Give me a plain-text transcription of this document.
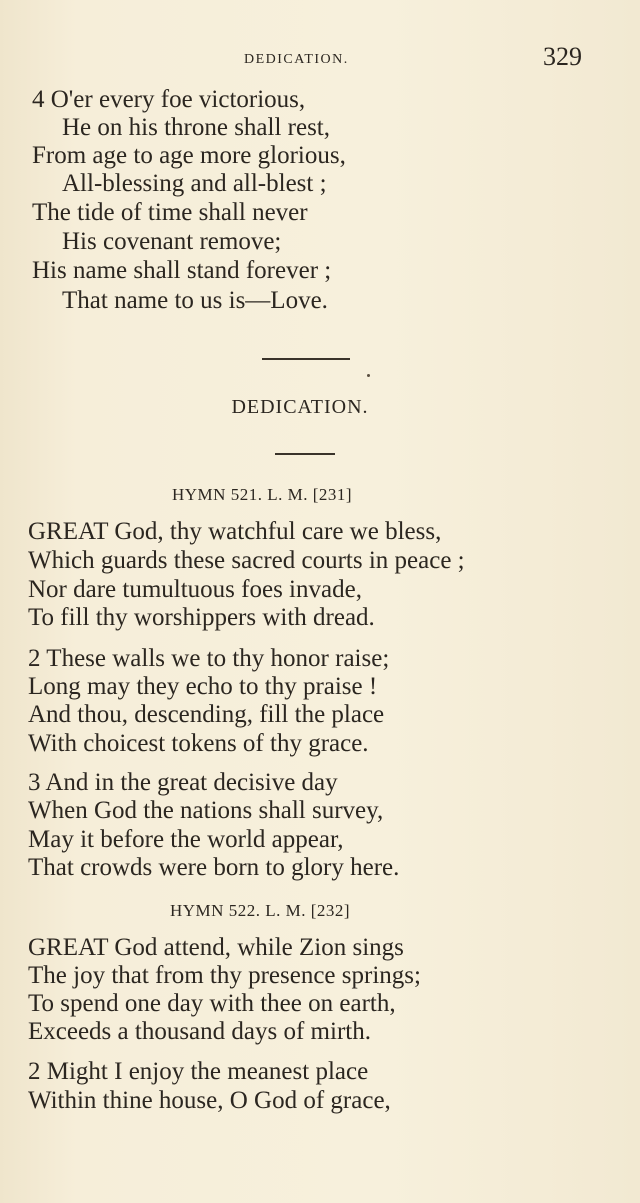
DEDICATION.	329
4 O'er every foe victorious,
He on his throne shall rest,
From age to age more glorious,
All-blessing and all-blest ;
The tide of time shall never
His covenant remove;
His name shall stand forever ;
That name to us is—Love.
DEDICATION.
HYMN 521. L. M. [231]
GREAT God, thy watchful care we bless,
Which guards these sacred courts in peace ;
Nor dare tumultuous foes invade,
To fill thy worshippers with dread.
2 These walls we to thy honor raise;
Long may they echo to thy praise !
And thou, descending, fill the place
With choicest tokens of thy grace.
3 And in the great decisive day
When God the nations shall survey,
May it before the world appear,
That crowds were born to glory here.
HYMN 522. L. M. [232]
GREAT God attend, while Zion sings
The joy that from thy presence springs;
To spend one day with thee on earth,
Exceeds a thousand days of mirth.
2 Might I enjoy the meanest place
Within thine house, O God of grace,
